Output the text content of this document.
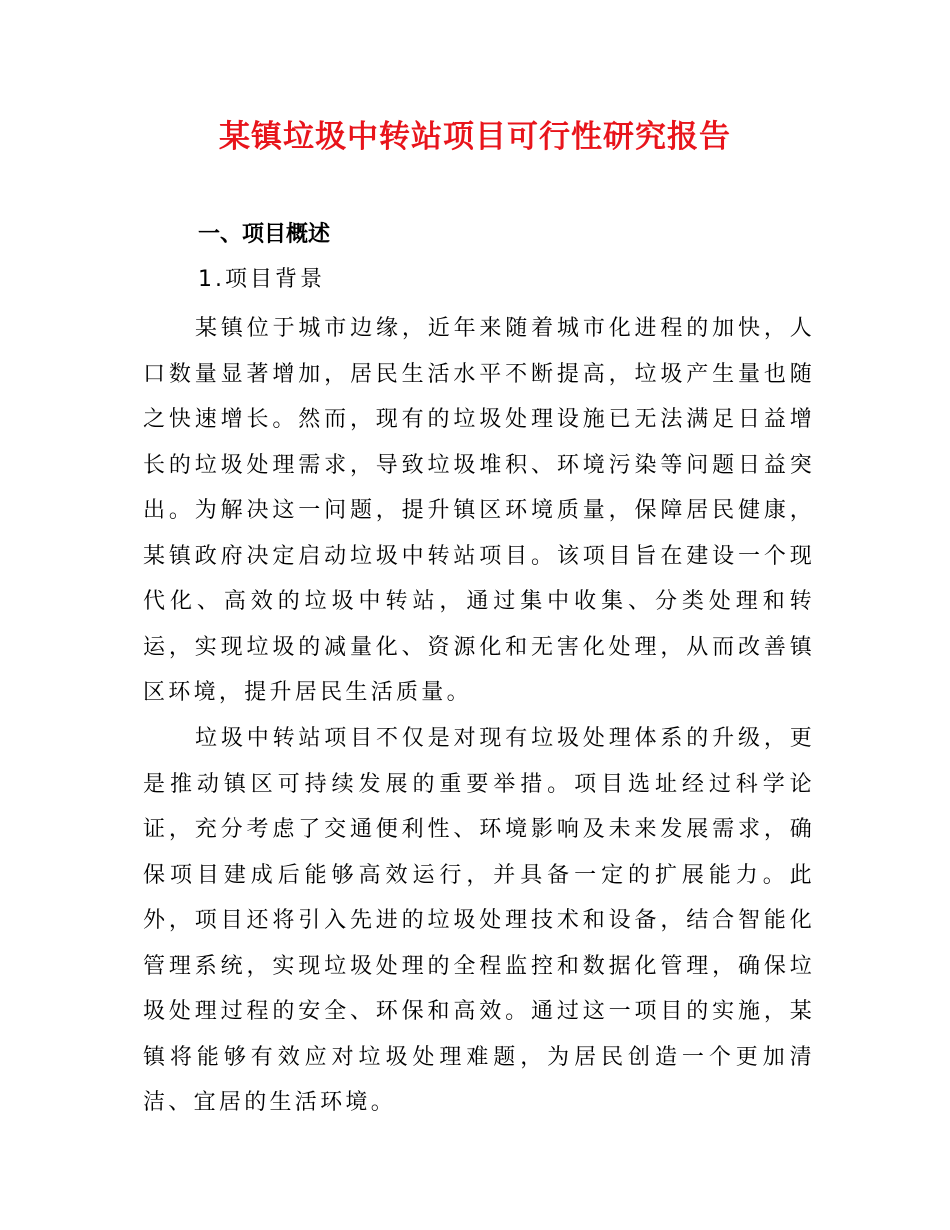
某镇垃圾中转站项目可行性研究报告
一、项目概述
1.项目背景

某镇位于城市边缘，近年来随着城市化进程的加快，人口数量显著增加，居民生活水平不断提高，垃圾产生量也随之快速增长。然而，现有的垃圾处理设施已无法满足日益增长的垃圾处理需求，导致垃圾堆积、环境污染等问题日益突出。为解决这一问题，提升镇区环境质量，保障居民健康，某镇政府决定启动垃圾中转站项目。该项目旨在建设一个现代化、高效的垃圾中转站，通过集中收集、分类处理和转运，实现垃圾的减量化、资源化和无害化处理，从而改善镇区环境，提升居民生活质量。

垃圾中转站项目不仅是对现有垃圾处理体系的升级，更是推动镇区可持续发展的重要举措。项目选址经过科学论证，充分考虑了交通便利性、环境影响及未来发展需求，确保项目建成后能够高效运行，并具备一定的扩展能力。此外，项目还将引入先进的垃圾处理技术和设备，结合智能化管理系统，实现垃圾处理的全程监控和数据化管理，确保垃圾处理过程的安全、环保和高效。通过这一项目的实施，某镇将能够有效应对垃圾处理难题，为居民创造一个更加清洁、宜居的生活环境。
